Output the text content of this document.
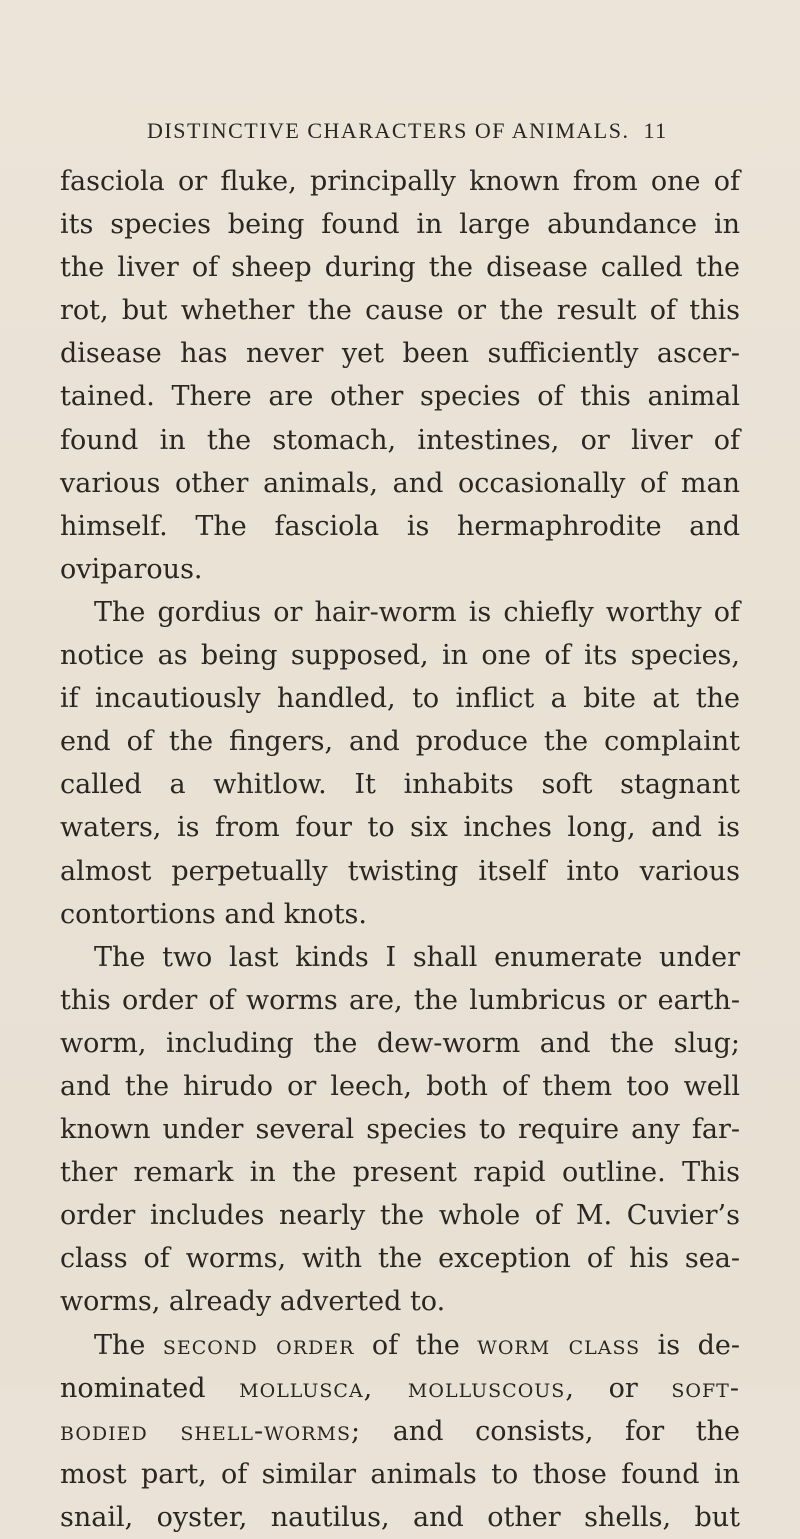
DISTINCTIVE CHARACTERS OF ANIMALS. 11
fasciola or fluke, principally known from one of
its species being found in large abundance in
the liver of sheep during the disease called the
rot, but whether the cause or the result of this
disease has never yet been sufficiently ascer-
tained. There are other species of this animal
found in the stomach, intestines, or liver of
various other animals, and occasionally of man
himself. The fasciola is hermaphrodite and
oviparous.
The gordius or hair-worm is chiefly worthy of
notice as being supposed, in one of its species,
if incautiously handled, to inflict a bite at the
end of the fingers, and produce the complaint
called a whitlow. It inhabits soft stagnant
waters, is from four to six inches long, and is
almost perpetually twisting itself into various
contortions and knots.
The two last kinds I shall enumerate under
this order of worms are, the lumbricus or earth-
worm, including the dew-worm and the slug;
and the hirudo or leech, both of them too well
known under several species to require any far-
ther remark in the present rapid outline. This
order includes nearly the whole of M. Cuvier’s
class of worms, with the exception of his sea-
worms, already adverted to.
The second order of the worm class is de-
nominated mollusca, molluscous, or soft-
bodied shell-worms; and consists, for the
most part, of similar animals to those found in
snail, oyster, nautilus, and other shells, but
